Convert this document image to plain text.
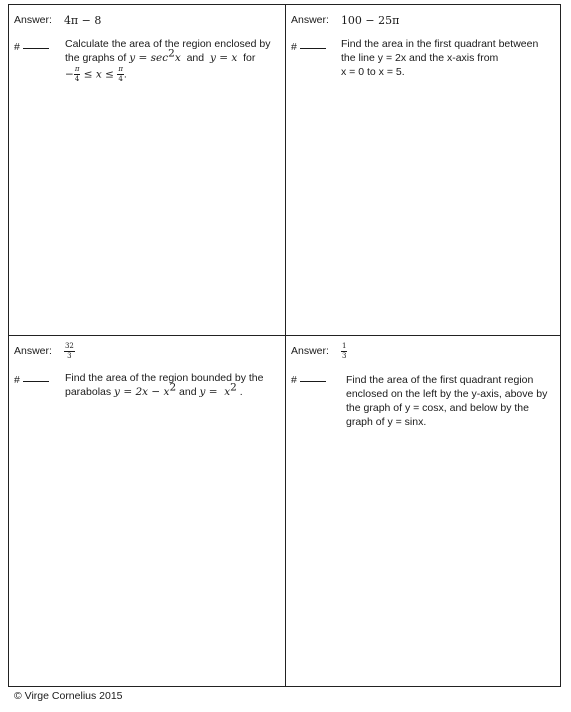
Answer: 4π − 8
#	Calculate the area of the region enclosed by
the graphs of $y = \sec^2x$  and  y = x  for
− $\frac{\pi}{4} \le x \le \frac{\pi}{4}$ .
Answer: 100 − 25π
#	Find the area in the first quadrant between
the line y = 2x and the x-axis from
x = 0 to x = 5.
Answer: $\frac{32}{3}$
#	Find the area of the region bounded by the
parabolas $y = 2x - x^2$ and $y = x^2$ .
Answer: $\frac{1}{3}$
#	Find the area of the first quadrant region
enclosed on the left by the y-axis, above by
the graph of y = cosx, and below by the
graph of y = sinx.
© Virge Cornelius 2015
